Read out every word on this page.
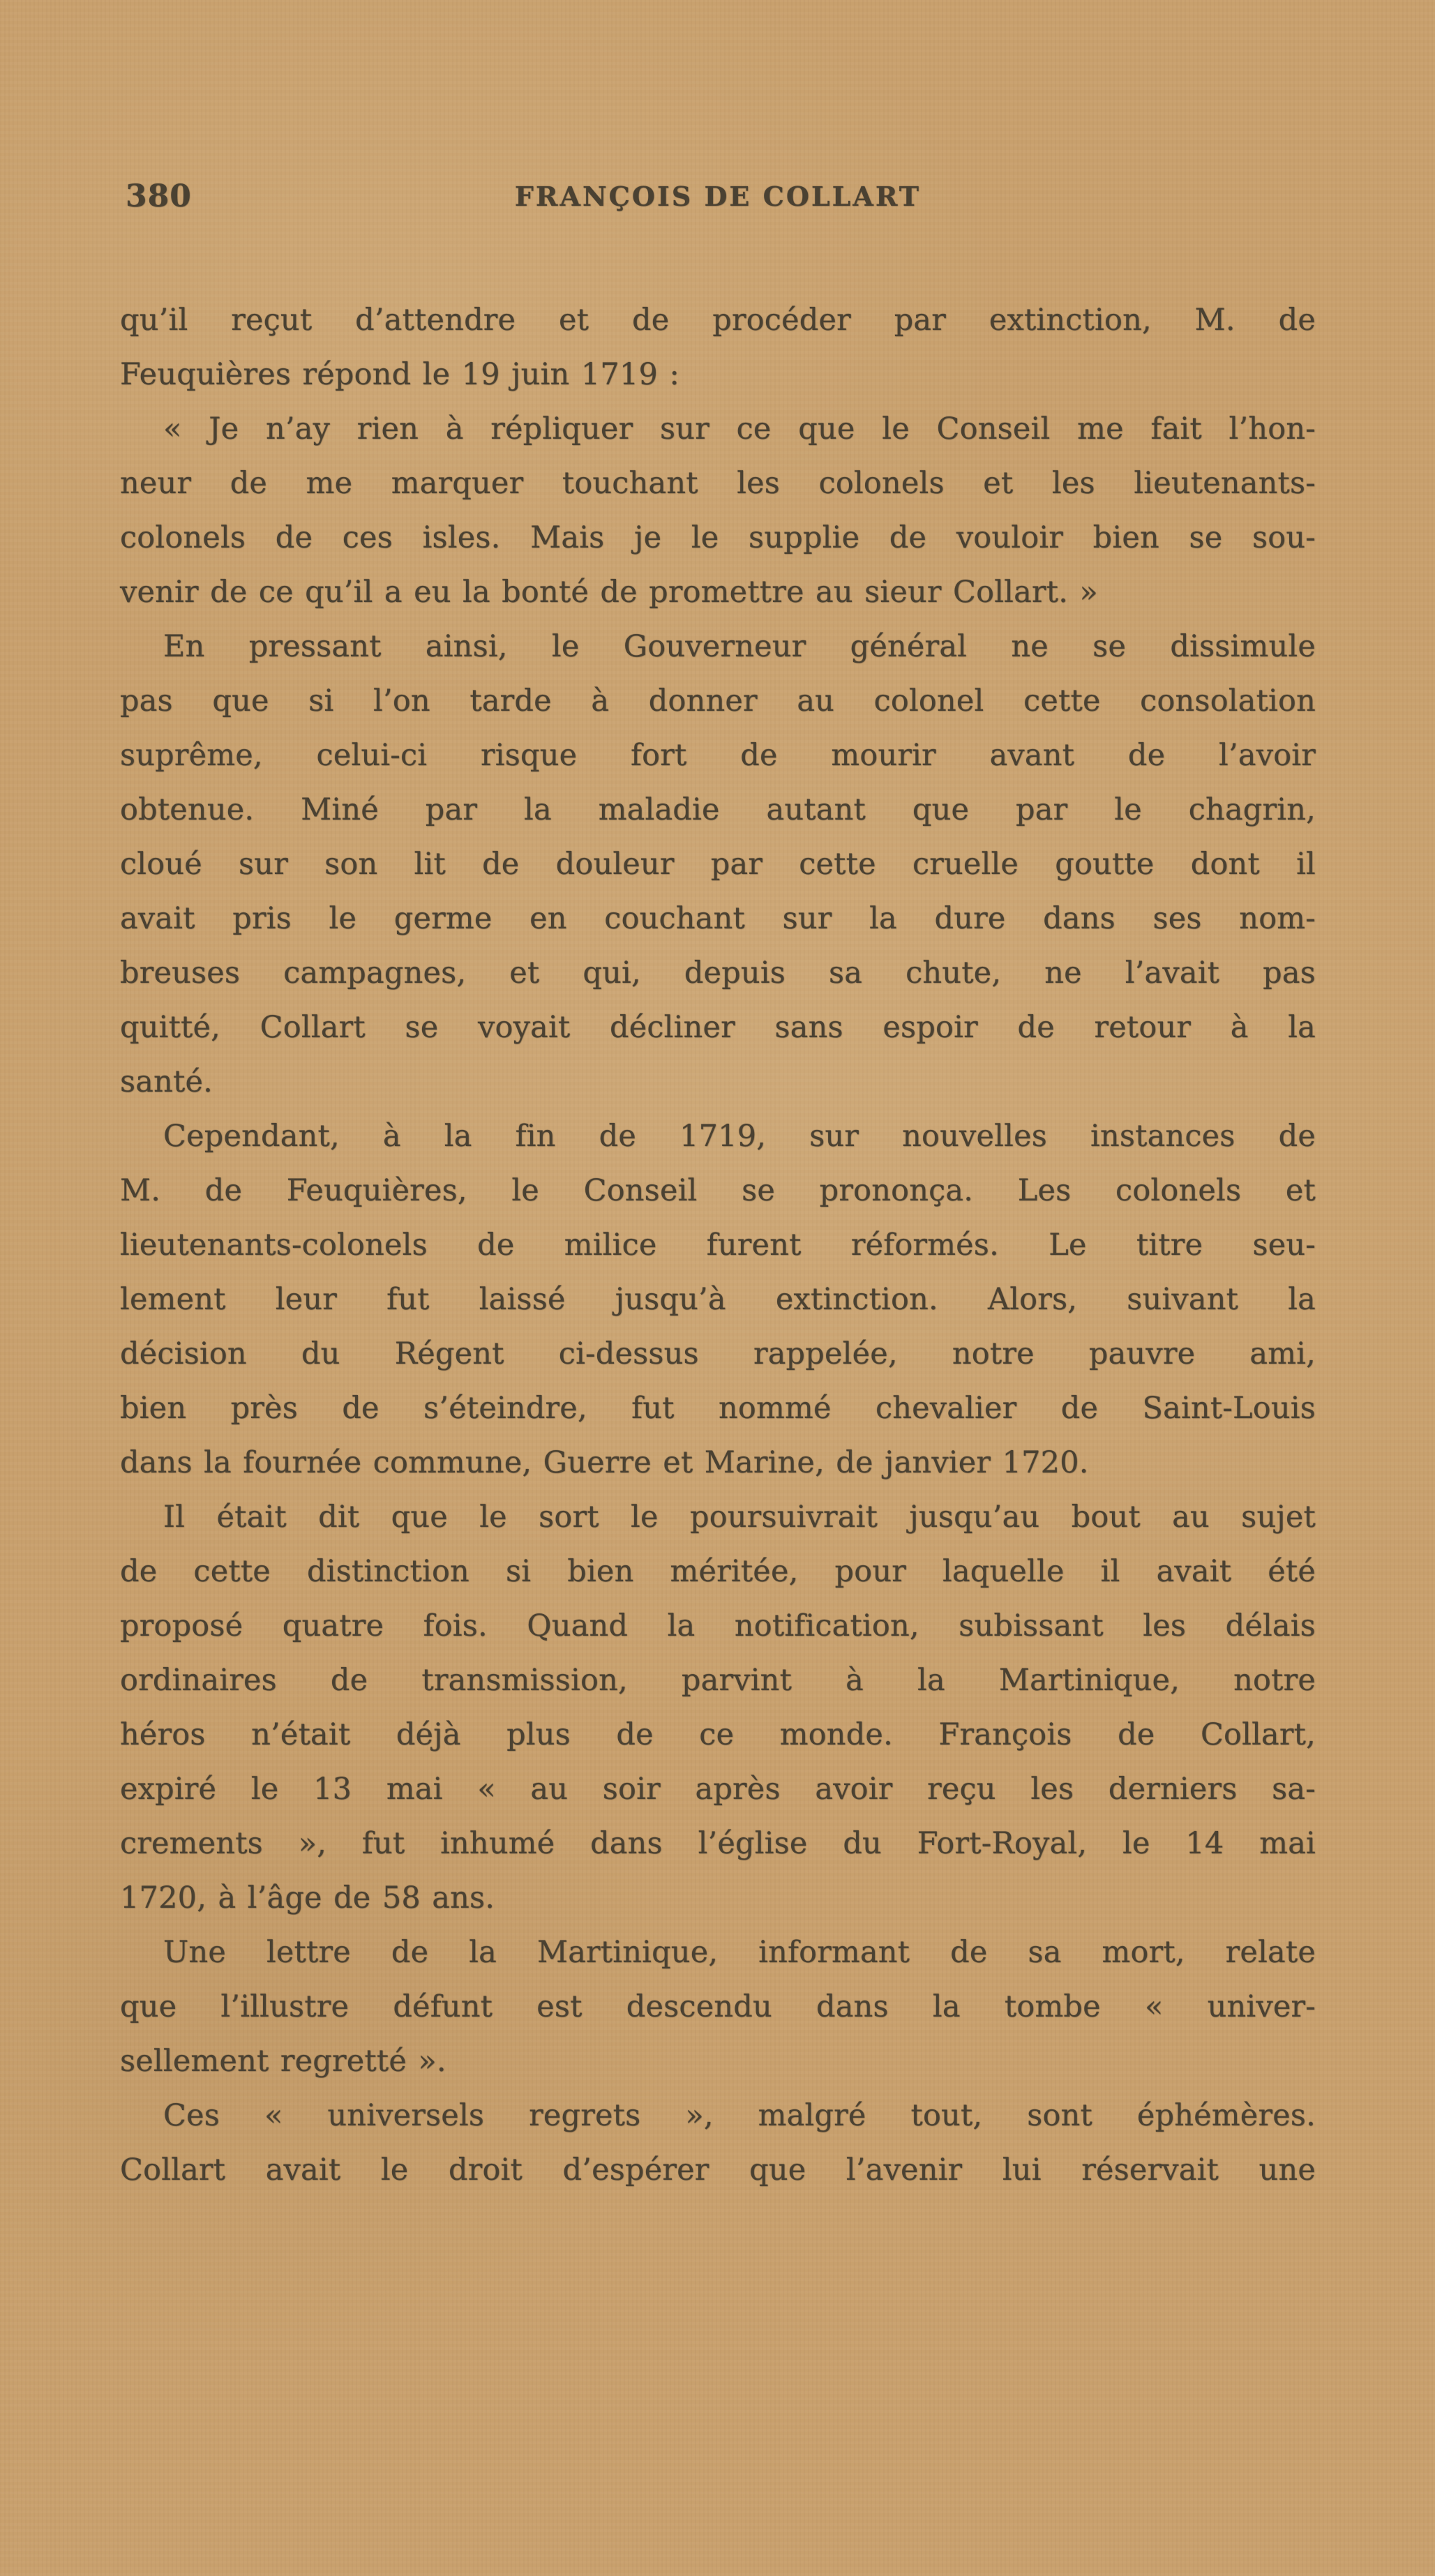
380	FRANÇOIS DE COLLART
qu’il reçut d’attendre et de procéder par extinction, M. de
Feuquières répond le 19 juin 1719 :
« Je n’ay rien à répliquer sur ce que le Conseil me fait l’hon-
neur de me marquer touchant les colonels et les lieutenants-
colonels de ces isles. Mais je le supplie de vouloir bien se sou-
venir de ce qu’il a eu la bonté de promettre au sieur Collart. »
En pressant ainsi, le Gouverneur général ne se dissimule
pas que si l’on tarde à donner au colonel cette consolation
suprême, celui-ci risque fort de mourir avant de l’avoir
obtenue. Miné par la maladie autant que par le chagrin,
cloué sur son lit de douleur par cette cruelle goutte dont il
avait pris le germe en couchant sur la dure dans ses nom-
breuses campagnes, et qui, depuis sa chute, ne l’avait pas
quitté, Collart se voyait décliner sans espoir de retour à la
santé.
Cependant, à la fin de 1719, sur nouvelles instances de
M. de Feuquières, le Conseil se prononça. Les colonels et
lieutenants-colonels de milice furent réformés. Le titre seu-
lement leur fut laissé jusqu’à extinction. Alors, suivant la
décision du Régent ci-dessus rappelée, notre pauvre ami,
bien près de s’éteindre, fut nommé chevalier de Saint-Louis
dans la fournée commune, Guerre et Marine, de janvier 1720.
Il était dit que le sort le poursuivrait jusqu’au bout au sujet
de cette distinction si bien méritée, pour laquelle il avait été
proposé quatre fois. Quand la notification, subissant les délais
ordinaires de transmission, parvint à la Martinique, notre
héros n’était déjà plus de ce monde. François de Collart,
expiré le 13 mai « au soir après avoir reçu les derniers sa-
crements », fut inhumé dans l’église du Fort-Royal, le 14 mai
1720, à l’âge de 58 ans.
Une lettre de la Martinique, informant de sa mort, relate
que l’illustre défunt est descendu dans la tombe « univer-
sellement regretté ».
Ces « universels regrets », malgré tout, sont éphémères.
Collart avait le droit d’espérer que l’avenir lui réservait une
